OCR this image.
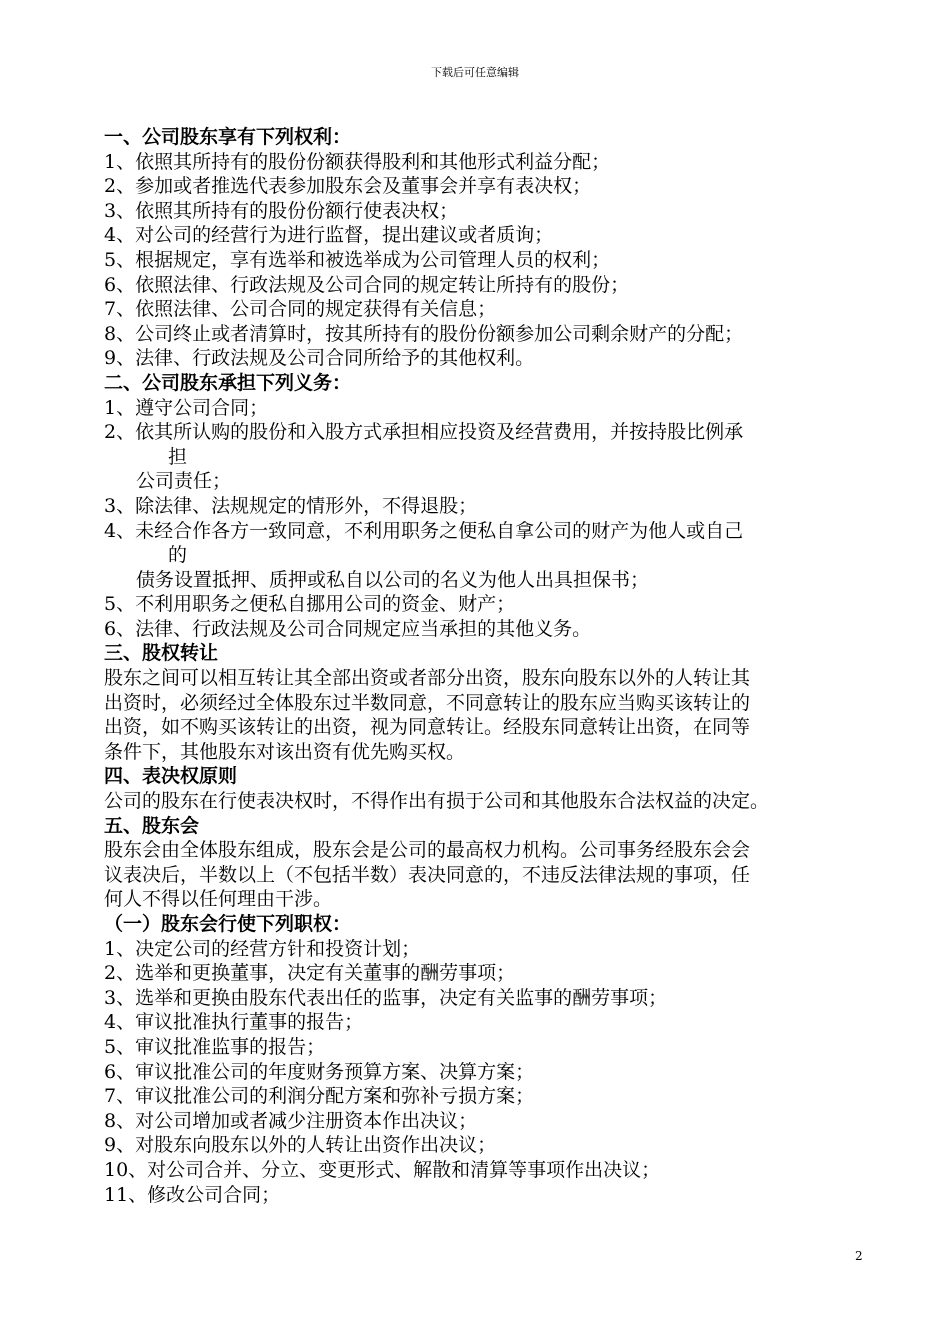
下载后可任意编辑
一、公司股东享有下列权利：
1、依照其所持有的股份份额获得股利和其他形式利益分配；
2、参加或者推选代表参加股东会及董事会并享有表决权；
3、依照其所持有的股份份额行使表决权；
4、对公司的经营行为进行监督，提出建议或者质询；
5、根据规定，享有选举和被选举成为公司管理人员的权利；
6、依照法律、行政法规及公司合同的规定转让所持有的股份；
7、依照法律、公司合同的规定获得有关信息；
8、公司终止或者清算时，按其所持有的股份份额参加公司剩余财产的分配；
9、法律、行政法规及公司合同所给予的其他权利。
二、公司股东承担下列义务：
1、遵守公司合同；
2、依其所认购的股份和入股方式承担相应投资及经营费用，并按持股比例承
担
公司责任；
3、除法律、法规规定的情形外，不得退股；
4、未经合作各方一致同意，不利用职务之便私自拿公司的财产为他人或自己
的
债务设置抵押、质押或私自以公司的名义为他人出具担保书；
5、不利用职务之便私自挪用公司的资金、财产；
6、法律、行政法规及公司合同规定应当承担的其他义务。
三、股权转让
股东之间可以相互转让其全部出资或者部分出资，股东向股东以外的人转让其
出资时，必须经过全体股东过半数同意，不同意转让的股东应当购买该转让的
出资，如不购买该转让的出资，视为同意转让。经股东同意转让出资，在同等
条件下，其他股东对该出资有优先购买权。
四、表决权原则
公司的股东在行使表决权时，不得作出有损于公司和其他股东合法权益的决定。
五、股东会
股东会由全体股东组成，股东会是公司的最高权力机构。公司事务经股东会会
议表决后，半数以上（不包括半数）表决同意的，不违反法律法规的事项，任
何人不得以任何理由干涉。
（一）股东会行使下列职权：
1、决定公司的经营方针和投资计划；
2、选举和更换董事，决定有关董事的酬劳事项；
3、选举和更换由股东代表出任的监事，决定有关监事的酬劳事项；
4、审议批准执行董事的报告；
5、审议批准监事的报告；
6、审议批准公司的年度财务预算方案、决算方案；
7、审议批准公司的利润分配方案和弥补亏损方案；
8、对公司增加或者减少注册资本作出决议；
9、对股东向股东以外的人转让出资作出决议；
10、对公司合并、分立、变更形式、解散和清算等事项作出决议；
11、修改公司合同；
2
